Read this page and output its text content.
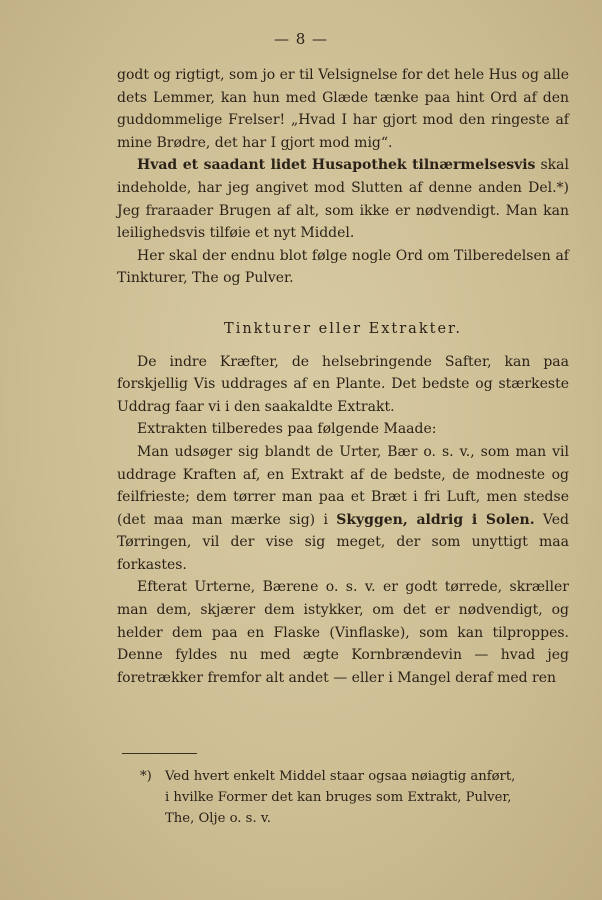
— 8 —

godt og rigtigt, som jo er til Velsignelse for det hele Hus og alle dets Lemmer, kan hun med Glæde tænke paa hint Ord af den guddommelige Frelser! „Hvad I har gjort mod den ringeste af mine Brødre, det har I gjort mod mig“.

Hvad et saadant lidet Husapothek tilnærmelsesvis skal indeholde, har jeg angivet mod Slutten af denne anden Del.*) Jeg fraraader Brugen af alt, som ikke er nødvendigt. Man kan leilighedsvis tilføie et nyt Middel.

Her skal der endnu blot følge nogle Ord om Tilberedelsen af Tinkturer, The og Pulver.

Tinkturer eller Extrakter.

De indre Kræfter, de helsebringende Safter, kan paa forskjellig Vis uddrages af en Plante. Det bedste og stærkeste Uddrag faar vi i den saakaldte Extrakt.

Extrakten tilberedes paa følgende Maade:

Man udsøger sig blandt de Urter, Bær o. s. v., som man vil uddrage Kraften af, en Extrakt af de bedste, de modneste og feilfrieste; dem tørrer man paa et Bræt i fri Luft, men stedse (det maa man mærke sig) i Skyggen, aldrig i Solen. Ved Tørringen, vil der vise sig meget, der som unyttigt maa forkastes.

Efterat Urterne, Bærene o. s. v. er godt tørrede, skræller man dem, skjærer dem istykker, om det er nødvendigt, og helder dem paa en Flaske (Vinflaske), som kan tilproppes. Denne fyldes nu med ægte Kornbrændevin — hvad jeg foretrækker fremfor alt andet — eller i Mangel deraf med ren

*) Ved hvert enkelt Middel staar ogsaa nøiagtig anført,
i hvilke Former det kan bruges som Extrakt, Pulver,
The, Olje o. s. v.
